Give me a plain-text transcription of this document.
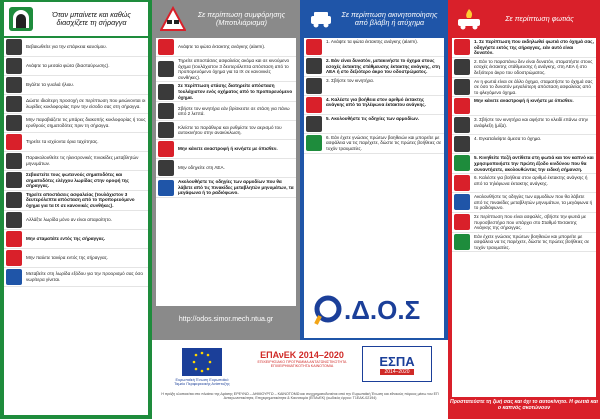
Όταν μπαίνετε και καθώς διασχίζετε τη σήραγγα
Βεβαιωθείτε για την επάρκεια καυσίμου.
Ανάψτε τα μεσαία φώτα (διασταύρωσης).
Βγάλτε τα γυαλιά ήλιου.
Δώστε ιδιαίτερη προσοχή σε περίπτωση που μειώνονται οι λωρίδες κυκλοφορίας πριν την είσοδο σας στη σήραγγα.
Μην παραβιάζετε τις μπάρες διακοπής κυκλοφορίας ή τους ερυθρούς σηματοδότες πριν τη σήραγγα.
Τηρείτε τα ισχύοντα όρια ταχύτητας.
Παρακολουθείτε τις ηλεκτρονικές πινακίδες μεταβλητών μηνυμάτων.
Σεβαστείτε τους φωτεινούς σηματοδότες και σηματοδότες ελέγχου λωρίδας στην οροφή της σήραγγας.
Τηρείτε αποστάσεις ασφαλείας (τουλάχιστον 3 δευτερόλεπτα απόσταση από το προπορευόμενο όχημα για τα IX σε κανονικές συνθήκες).
Αλλάξτε λωρίδα μόνο αν είναι απαραίτητο.
Μην σταματάτε εντός της σήραγγας.
Μην παύετε ταινίρα εντός της σήραγγας.
Μεταβείτε στη λωρίδα εξόδου για την προορισμό σας όσο νωρίτερα γίνεται.
Σε περίπτωση συμφόρησης (Μποτιλιάρισμα)
Ανάψτε τα φώτα έκτακτης ανάγκης (alarm).
Τηρείτε αποστάσεις ασφαλείας ακόμα και σε κινούμενο όχημα (τουλάχιστον 3 δευτερόλεπτα απόσταση από το προπορευόμενο όχημα για τα IX σε κανονικές συνθήκες).
Σε περίπτωση στάσης διατηρείτε απόσταση τουλάχιστον ενός οχήματος από το προπορευόμενο όχημα.
Σβήστε τον κινητήρα εάν βρίσκεστε σε στάση για πάνω από 2 λεπτά.
Κλείστε τα παράθυρα και ρυθμίστε τον αερισμό του αυτοκινήτου στην ανακύκλωση.
Μην κάνετε αναστροφή ή κινήστε με όπισθεν.
Μην οδηγείτε στη ΛΕΑ.
Ακολουθήστε τις οδηγίες των αρμοδίων που θα λάβετε από τις πινακίδες μεταβλητών μηνυμάτων, τα μεγάφωνα ή το ραδιόφωνο.
Σε περίπτωση ακινητοποίησης από βλάβη ή ατύχημα
1. Ανάψτε τα φώτα έκτακτης ανάγκης (alarm).
2. Εάν είναι δυνατόν, μετακινήστε το όχημα στους εσοχές έκτακτης στάθμευσης έκτακτης ανάγκης, στη ΛΕΑ ή στο δεξιότερο άκρο του οδοστρώματος.
3. Σβήστε τον κινητήρα.
4. Καλέστε για βοήθεια στον αριθμό έκτακτης ανάγκης από τα τηλέφωνα έκτακτου ανάγκης.
5. Ακολουθήστε τις οδηγίες των αρμοδίων.
6. Εάν έχετε γνώσεις πρώτων βοηθειών και μπορείτε με ασφάλεια να τις παρέχετε, δώστε τις πρώτες βοήθειες σε τυχόν τραυματίες.
Σε περίπτωση φωτιάς
1. Σε περίπτωση που εκδηλωθεί φωτιά στο όχημά σας, οδηγήστε εκτός της σήραγγας, εάν αυτό είναι δυνατόν.
2. Εάν το παραπάνω δεν είναι δυνατόν, σταματήστε στους εσοχές έκτακτης στάθμευσης ή ανάγκης, στη ΛΕΑ ή στο δεξιότερο άκρο του οδοστρώματος.
Αν η φωτιά είναι σε άλλο όχημα, σταματήστε το όχημά σας σε όσο το δυνατόν μεγαλύτερη απόσταση ασφαλείας από το φλεγόμενο όχημα.
Μην κάνετε αναστροφή ή κινήστε με όπισθεν.
3. Σβήστε τον κινητήρα και αφήστε το κλειδί επάνω στην ανάφλεξη (μίζα).
4. Εγκαταλείψτε άμεσα το όχημα.
5. Κινηθείτε πεζή αντίθετα στη φωτιά και τον καπνό και χρησιμοποιήστε την πρώτη έξοδο κινδύνου που θα συναντήσετε, ακολουθώντας την ειδική σήμανση.
6. Καλέστε για βοήθεια στον αριθμό έκτακτης ανάγκης ή από τα τηλέφωνα έκτακτης ανάγκης.
Ακολουθήστε τις οδηγίες των αρμοδίων που θα λάβετε από τις πινακίδες μεταβλητών μηνυμάτων, τα μεγάφωνα ή το ραδιόφωνο.
Σε περίπτωση που είναι ασφαλές, σβήστε την φωτιά με πυροσβεστήρα που υπάρχει στο Σταθμό Έκτακτης Ανάγκης της σήραγγας.
Εάν έχετε γνώσεις πρώτων βοηθειών και μπορείτε με ασφάλεια να τις παρέχετε, δώστε τις πρώτες βοήθειες σε τυχόν τραυματίες.
http://odos.simor.mech.ntua.gr	.Δ.Ο.Σ
Ευρωπαϊκή Ένωση Ευρωπαϊκό Ταμείο Περιφερειακής Ανάπτυξης
ΕΠΑνΕΚ 2014–2020
ΕΠΙΧΕΙΡΗΣΙΑΚΟ ΠΡΟΓΡΑΜΜΑ ΑΝΤΑΓΩΝΙΣΤΙΚΟΤΗΤΑ ΕΠΙΧΕΙΡΗΜΑΤΙΚΟΤΗΤΑ ΚΑΙΝΟΤΟΜΙΑ	ΕΣΠΑ
2014–2020
Η πράξη υλοποιείται στο πλαίσιο της Δράσης ΕΡΕΥΝΩ – ΔΗΜΙΟΥΡΓΩ – ΚΑΙΝΟΤΟΜΩ και συγχρηματοδοτείται από την Ευρωπαϊκή Ένωση και εθνικούς πόρους μέσω του ΕΠ Ανταγωνιστικότητα, Επιχειρηματικότητα & Καινοτομία (ΕΠΑνΕΚ) (κωδικός έργου: Τ1ΕΔΚ-02194)
Προστατεύστε τη ζωή σας και όχι το αυτοκίνητο. Η φωτιά και ο καπνός σκοτώνουν
